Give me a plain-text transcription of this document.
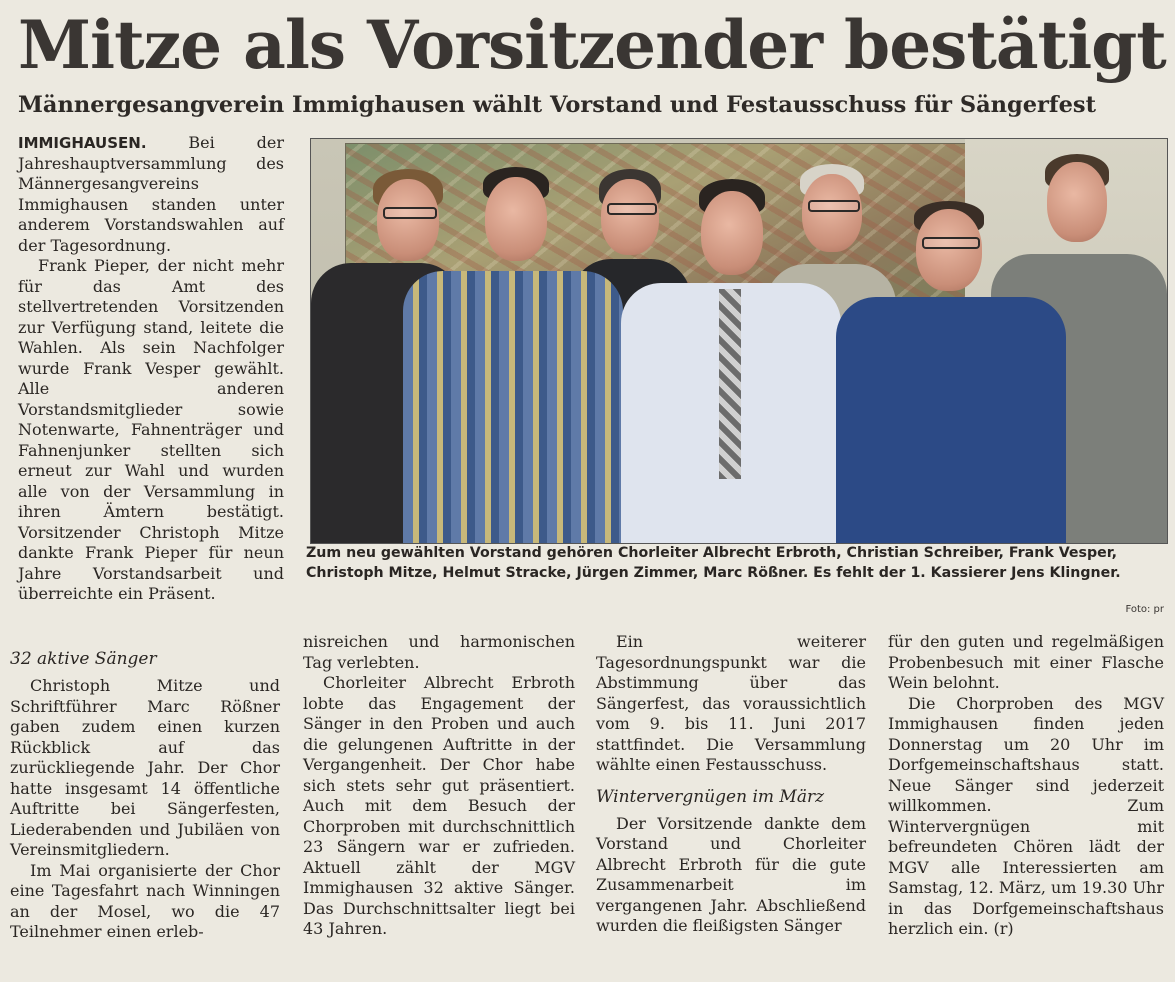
Mitze als Vorsitzender bestätigt
Männergesangverein Immighausen wählt Vorstand und Festausschuss für Sängerfest

IMMIGHAUSEN.	Bei der Jahreshauptversammlung des Männergesangvereins Immighausen standen unter anderem Vorstandswahlen auf der Tagesordnung.

Frank Pieper, der nicht mehr für das Amt des stellvertretenden Vorsitzenden zur Verfügung stand, leitete die Wahlen. Als sein Nachfolger wurde Frank Vesper gewählt. Alle anderen Vorstandsmitglieder sowie Notenwarte, Fahnenträger und Fahnenjunker stellten sich erneut zur Wahl und wurden alle von der Versammlung in ihren Ämtern bestätigt. Vorsitzender Christoph Mitze dankte Frank Pieper für neun Jahre Vorstandsarbeit und überreichte ein Präsent.

32 aktive Sänger

Christoph Mitze und Schriftführer Marc Rößner gaben zudem einen kurzen Rückblick auf das zurückliegende Jahr. Der Chor hatte insgesamt 14 öffentliche Auftritte bei Sängerfesten, Liederabenden und Jubiläen von Vereinsmitgliedern.

Im Mai organisierte der Chor eine Tagesfahrt nach Winningen an der Mosel, wo die 47 Teilnehmer einen erleb-

Zum neu gewählten Vorstand gehören Chorleiter Albrecht Erbroth, Christian Schreiber, Frank Vesper, Christoph Mitze, Helmut Stracke, Jürgen Zimmer, Marc Rößner. Es fehlt der 1. Kassierer Jens Klingner.
Foto: pr

nisreichen und harmonischen Tag verlebten.

Chorleiter Albrecht Erbroth lobte das Engagement der Sänger in den Proben und auch die gelungenen Auftritte in der Vergangenheit. Der Chor habe sich stets sehr gut präsentiert. Auch mit dem Besuch der Chorproben mit durchschnittlich 23 Sängern war er zufrieden. Aktuell zählt der MGV Immighausen 32 aktive Sänger. Das Durchschnittsalter liegt bei 43 Jahren.

Ein weiterer Tagesordnungspunkt war die Abstimmung über das Sängerfest, das voraussichtlich vom 9. bis 11. Juni 2017 stattfindet. Die Versammlung wählte einen Festausschuss.

Wintervergnügen im März

Der Vorsitzende dankte dem Vorstand und Chorleiter Albrecht Erbroth für die gute Zusammenarbeit im vergangenen Jahr. Abschließend wurden die fleißigsten Sänger

für den guten und regelmäßigen Probenbesuch mit einer Flasche Wein belohnt.

Die Chorproben des MGV Immighausen finden jeden Donnerstag um 20 Uhr im Dorfgemeinschaftshaus statt. Neue Sänger sind jederzeit willkommen. Zum Wintervergnügen mit befreundeten Chören lädt der MGV alle Interessierten am Samstag, 12. März, um 19.30 Uhr in das Dorfgemeinschaftshaus herzlich ein. (r)
